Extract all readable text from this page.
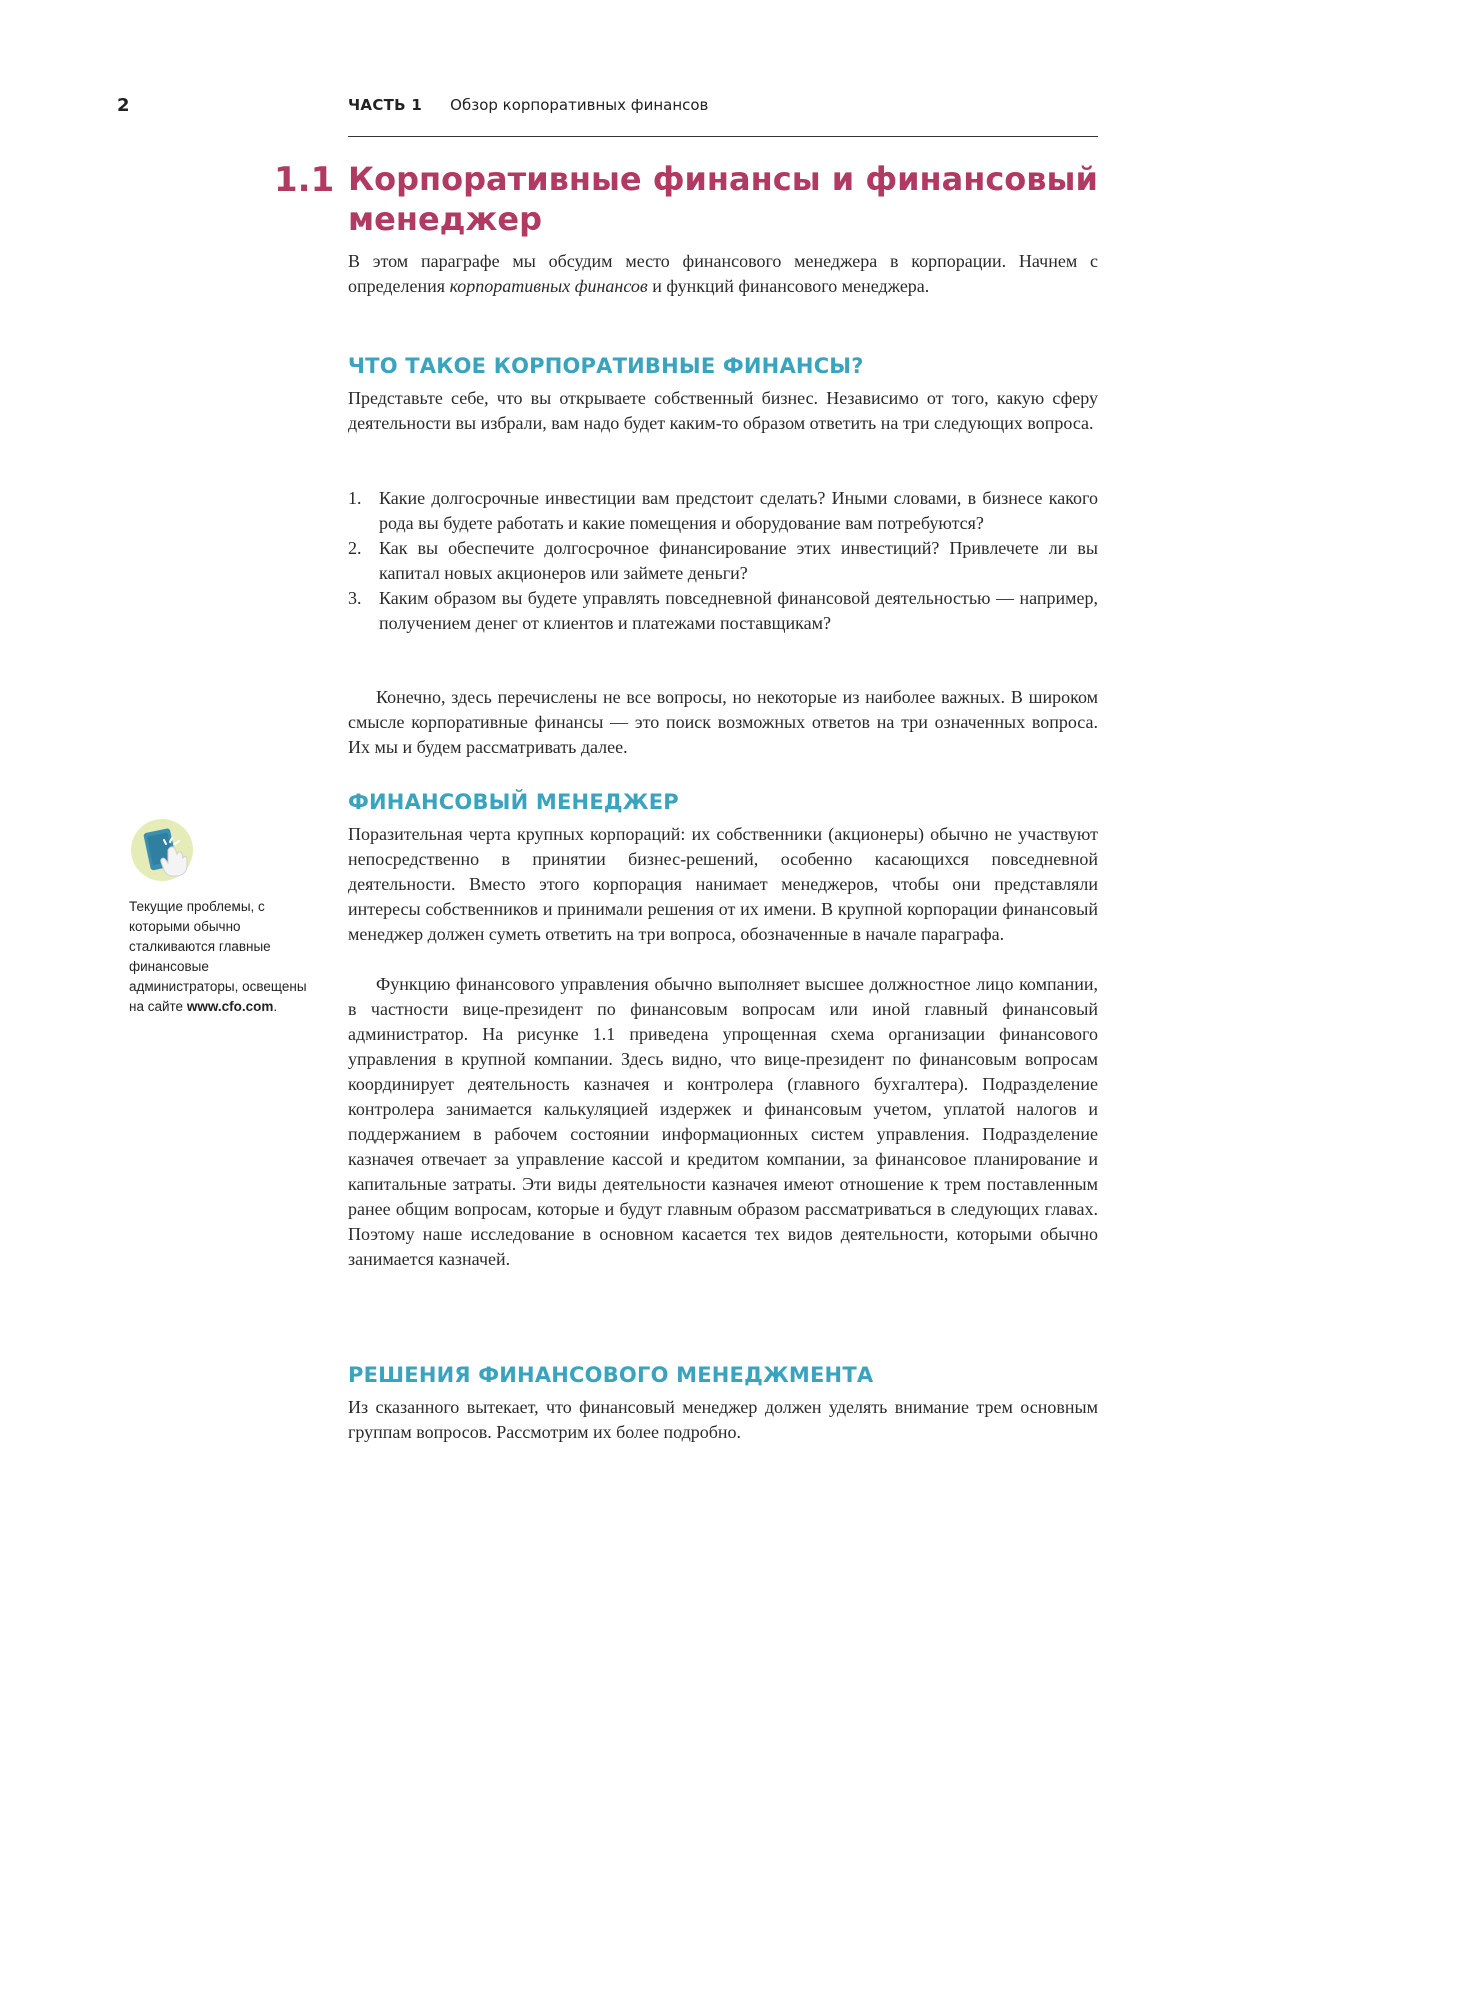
2	ЧАСТЬ 1 Обзор корпоративных финансов
1.1 Корпоративные финансы и финансовый менеджер

В этом параграфе мы обсудим место финансового менеджера в корпорации. Начнем с определения корпоративных финансов и функций финансового менеджера.

ЧТО ТАКОЕ КОРПОРАТИВНЫЕ ФИНАНСЫ?

Представьте себе, что вы открываете собственный бизнес. Независимо от того, какую сферу деятельности вы избрали, вам надо будет каким-то образом ответить на три следующих вопроса.

1. Какие долгосрочные инвестиции вам предстоит сделать? Иными словами, в бизнесе какого рода вы будете работать и какие помещения и оборудование вам потребуются?
2. Как вы обеспечите долгосрочное финансирование этих инвестиций? Привлечете ли вы капитал новых акционеров или займете деньги?
3. Каким образом вы будете управлять повседневной финансовой деятельностью — например, получением денег от клиентов и платежами поставщикам?

Конечно, здесь перечислены не все вопросы, но некоторые из наиболее важных. В широком смысле корпоративные финансы — это поиск возможных ответов на три означенных вопроса. Их мы и будем рассматривать далее.

ФИНАНСОВЫЙ МЕНЕДЖЕР

Поразительная черта крупных корпораций: их собственники (акционеры) обычно не участвуют непосредственно в принятии бизнес-решений, особенно касающихся повседневной деятельности. Вместо этого корпорация нанимает менеджеров, чтобы они представляли интересы собственников и принимали решения от их имени. В крупной корпорации финансовый менеджер должен суметь ответить на три вопроса, обозначенные в начале параграфа.

Функцию финансового управления обычно выполняет высшее должностное лицо компании, в частности вице-президент по финансовым вопросам или иной главный финансовый администратор. На рисунке 1.1 приведена упрощенная схема организации финансового управления в крупной компании. Здесь видно, что вице-президент по финансовым вопросам координирует деятельность казначея и контролера (главного бухгалтера). Подразделение контролера занимается калькуляцией издержек и финансовым учетом, уплатой налогов и поддержанием в рабочем состоянии информационных систем управления. Подразделение казначея отвечает за управление кассой и кредитом компании, за финансовое планирование и капитальные затраты. Эти виды деятельности казначея имеют отношение к трем поставленным ранее общим вопросам, которые и будут главным образом рассматриваться в следующих главах. Поэтому наше исследование в основном касается тех видов деятельности, которыми обычно занимается казначей.

РЕШЕНИЯ ФИНАНСОВОГО МЕНЕДЖМЕНТА

Из сказанного вытекает, что финансовый менеджер должен уделять внимание трем основным группам вопросов. Рассмотрим их более подробно.

Текущие проблемы, с которыми обычно сталкиваются главные финансовые администраторы, освещены на сайте www.cfo.com.
